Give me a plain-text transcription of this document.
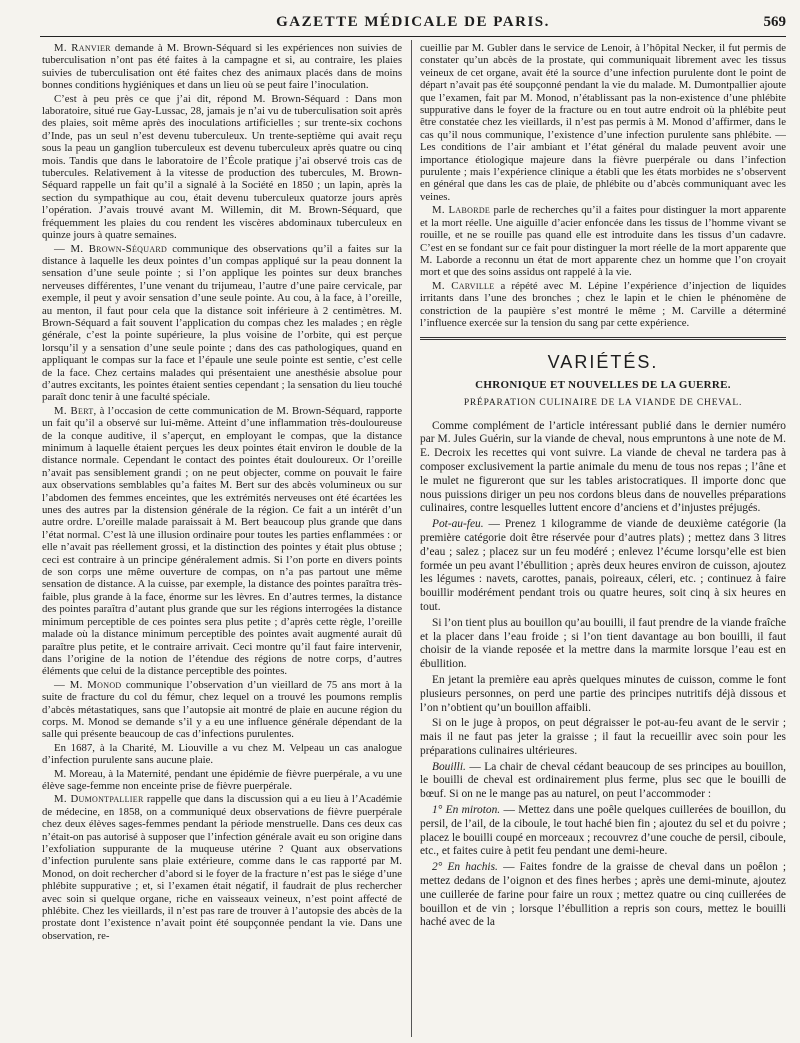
GAZETTE MÉDICALE DE PARIS.	569

M. Ranvier demande à M. Brown-Séquard si les expériences non suivies de tuberculisation n’ont pas été faites à la campagne et si, au contraire, les plaies suivies de tuberculisation ont été faites chez des animaux placés dans de moins bonnes conditions hygiéniques et dans un lieu où se peut faire l’inoculation.

C’est à peu près ce que j’ai dit, répond M. Brown-Séquard : Dans mon laboratoire, situé rue Gay-Lussac, 28, jamais je n’ai vu de tuberculisation soit après des plaies, soit même après des inoculations artificielles ; sur trente-six cochons d’Inde, pas un seul n’est devenu tuberculeux. Un trente-septième qui avait reçu sous la peau un ganglion tuberculeux est devenu tuberculeux après quatre ou cinq mois. Tandis que dans le laboratoire de l’École pratique j’ai observé trois cas de tubercules. Relativement à la vitesse de production des tubercules, M. Brown-Séquard rappelle un fait qu’il a signalé à la Société en 1850 ; un lapin, après la section du sympathique au cou, était devenu tuberculeux quatorze jours après l’opération. J’avais trouvé avant M. Willemin, dit M. Brown-Séquard, que fréquemment les plaies du cou rendent les viscères abdominaux tuberculeux en quinze jours à quatre semaines.

— M. Brown-Séquard communique des observations qu’il a faites sur la distance à laquelle les deux pointes d’un compas appliqué sur la peau donnent la sensation d’une seule pointe ; si l’on applique les pointes sur deux branches nerveuses différentes, l’une venant du trijumeau, l’autre d’une paire cervicale, par exemple, il peut y avoir sensation d’une seule pointe. Au cou, à la face, à l’oreille, au menton, il faut pour cela que la distance soit inférieure à 2 centimètres. M. Brown-Séquard a fait souvent l’application du compas chez les malades ; en règle générale, c’est la pointe supérieure, la plus voisine de l’orbite, qui est perçue lorsqu’il y a sensation d’une seule pointe ; dans des cas pathologiques, quand en appliquant le compas sur la face et l’épaule une seule pointe est sentie, c’est celle de la face. Chez certains malades qui présentaient une anesthésie absolue pour d’autres excitants, les pointes étaient senties cependant ; la sensation du lieu touché paraît donc tenir à une faculté spéciale.

M. Bert, à l’occasion de cette communication de M. Brown-Séquard, rapporte un fait qu’il a observé sur lui-même. Atteint d’une inflammation très-douloureuse de la conque auditive, il s’aperçut, en employant le compas, que la distance minimum à laquelle étaient perçues les deux pointes était environ le double de la distance normale. Cependant le contact des pointes était douloureux. Or l’oreille n’avait pas sensiblement grandi ; on ne peut objecter, comme on pouvait le faire aux observations semblables qu’a faites M. Bert sur des abcès volumineux ou sur l’abdomen des femmes enceintes, que les extrémités nerveuses ont été écartées les unes des autres par la distension générale de la région. Ce fait a un intérêt d’un autre ordre. L’oreille malade paraissait à M. Bert beaucoup plus grande que dans l’état normal. C’est là une illusion ordinaire pour toutes les parties enflammées : or elle n’avait pas réellement grossi, et la distinction des pointes y était plus obtuse ; ceci est contraire à un principe généralement admis. Si l’on porte en divers points de son corps une même ouverture de compas, on n’a pas partout une même sensation de distance. A la cuisse, par exemple, la distance des pointes paraîtra très-faible, plus grande à la face, énorme sur les lèvres. En d’autres termes, la distance des pointes paraîtra d’autant plus grande que sur les régions interrogées la distance minimum perceptible de ces pointes sera plus petite ; d’après cette règle, l’oreille malade où la distance minimum perceptible des pointes avait augmenté aurait dû paraître plus petite, et le contraire arrivait. Ceci montre qu’il faut faire intervenir, dans l’origine de la notion de l’étendue des régions de notre corps, d’autres éléments que celui de la distance perceptible des pointes.

— M. Monod communique l’observation d’un vieillard de 75 ans mort à la suite de fracture du col du fémur, chez lequel on a trouvé les poumons remplis d’abcès métastatiques, sans que l’autopsie ait montré de plaie en aucune région du corps. M. Monod se demande s’il y a eu une influence générale dépendant de la salle qui présente beaucoup de cas d’infections purulentes.

En 1687, à la Charité, M. Liouville a vu chez M. Velpeau un cas analogue d’infection purulente sans aucune plaie.

M. Moreau, à la Maternité, pendant une épidémie de fièvre puerpérale, a vu une élève sage-femme non enceinte prise de fièvre puerpérale.

M. Dumontpallier rappelle que dans la discussion qui a eu lieu à l’Académie de médecine, en 1858, on a communiqué deux observations de fièvre puerpérale chez deux élèves sages-femmes pendant la période menstruelle. Dans ces deux cas n’était-on pas autorisé à supposer que l’infection générale avait eu son origine dans l’exfoliation suppurante de la muqueuse utérine ? Quant aux observations d’infection purulente sans plaie extérieure, comme dans le cas rapporté par M. Monod, on doit rechercher d’abord si le foyer de la fracture n’est pas le siége d’une phlébite suppurative ; et, si l’examen était négatif, il faudrait de plus rechercher avec soin si quelque organe, riche en vaisseaux veineux, n’est point affecté de phlébite. Chez les vieillards, il n’est pas rare de trouver à l’autopsie des abcès de la prostate dont l’existence n’avait point été soupçonnée pendant la vie. Dans une observation, re-

cueillie par M. Gubler dans le service de Lenoir, à l’hôpital Necker, il fut permis de constater qu’un abcès de la prostate, qui communiquait librement avec les tissus veineux de cet organe, avait été la source d’une infection purulente dont le point de départ n’avait pas été soupçonné pendant la vie du malade. M. Dumontpallier ajoute que l’examen, fait par M. Monod, n’établissant pas la non-existence d’une phlébite suppurative dans le foyer de la fracture ou en tout autre endroit où la phlébite peut être constatée chez les vieillards, il n’est pas permis à M. Monod d’affirmer, dans le cas qu’il nous communique, l’existence d’une infection purulente sans phlébite. — Les conditions de l’air ambiant et l’état général du malade peuvent avoir une importance étiologique majeure dans la fièvre puerpérale ou dans l’infection purulente ; mais l’expérience clinique a établi que les états morbides ne s’observent en général que dans les cas de plaie, de phlébite ou d’abcès communiquant avec les veines.

M. Laborde parle de recherches qu’il a faites pour distinguer la mort apparente et la mort réelle. Une aiguille d’acier enfoncée dans les tissus de l’homme vivant se rouille, et ne se rouille pas quand elle est introduite dans les tissus d’un cadavre. C’est en se fondant sur ce fait pour distinguer la mort réelle de la mort apparente que M. Laborde a reconnu un état de mort apparente chez un homme que l’on croyait mort et que des soins assidus ont rappelé à la vie.

M. Carville a répété avec M. Lépine l’expérience d’injection de liquides irritants dans l’une des bronches ; chez le lapin et le chien le phénomène de constriction de la paupière s’est montré le même ; M. Carville a déterminé l’influence exercée sur la tension du sang par cette expérience.

VARIÉTÉS.
CHRONIQUE ET NOUVELLES DE LA GUERRE.
PRÉPARATION CULINAIRE DE LA VIANDE DE CHEVAL.

Comme complément de l’article intéressant publié dans le dernier numéro par M. Jules Guérin, sur la viande de cheval, nous empruntons à une note de M. E. Decroix les recettes qui vont suivre. La viande de cheval ne tardera pas à composer exclusivement la partie animale du menu de tous nos repas ; l’âne et le mulet ne figureront que sur les tables aristocratiques. Il importe donc que nous puissions diriger un peu nos cordons bleus dans de nouvelles préparations culinaires, contre lesquelles luttent encore d’anciens et d’injustes préjugés.

Pot-au-feu. — Prenez 1 kilogramme de viande de deuxième catégorie (la première catégorie doit être réservée pour d’autres plats) ; mettez dans 3 litres d’eau ; salez ; placez sur un feu modéré ; enlevez l’écume lorsqu’elle est bien formée un peu avant l’ébullition ; après deux heures environ de cuisson, ajoutez les légumes : navets, carottes, panais, poireaux, céleri, etc. ; continuez à faire bouillir modérément pendant trois ou quatre heures, soit cinq à six heures en tout.

Si l’on tient plus au bouillon qu’au bouilli, il faut prendre de la viande fraîche et la placer dans l’eau froide ; si l’on tient davantage au bon bouilli, il faut choisir de la viande reposée et la mettre dans la marmite lorsque l’eau est en ébullition.

En jetant la première eau après quelques minutes de cuisson, comme le font plusieurs personnes, on perd une partie des principes nutritifs déjà dissous et l’on n’obtient qu’un bouillon affaibli.

Si on le juge à propos, on peut dégraisser le pot-au-feu avant de le servir ; mais il ne faut pas jeter la graisse ; il faut la recueillir avec soin pour les préparations culinaires ultérieures.

Bouilli. — La chair de cheval cédant beaucoup de ses principes au bouillon, le bouilli de cheval est ordinairement plus ferme, plus sec que le bouilli de bœuf. Si on ne le mange pas au naturel, on peut l’accommoder :

1° En miroton. — Mettez dans une poêle quelques cuillerées de bouillon, du persil, de l’ail, de la ciboule, le tout haché bien fin ; ajoutez du sel et du poivre ; placez le bouilli coupé en morceaux ; recouvrez d’une couche de persil, ciboule, etc., et faites cuire à petit feu pendant une demi-heure.

2° En hachis. — Faites fondre de la graisse de cheval dans un poêlon ; mettez dedans de l’oignon et des fines herbes ; après une demi-minute, ajoutez une cuillerée de farine pour faire un roux ; mettez quatre ou cinq cuillerées de bouillon et de vin ; lorsque l’ébullition a repris son cours, mettez le bouilli haché avec de la
